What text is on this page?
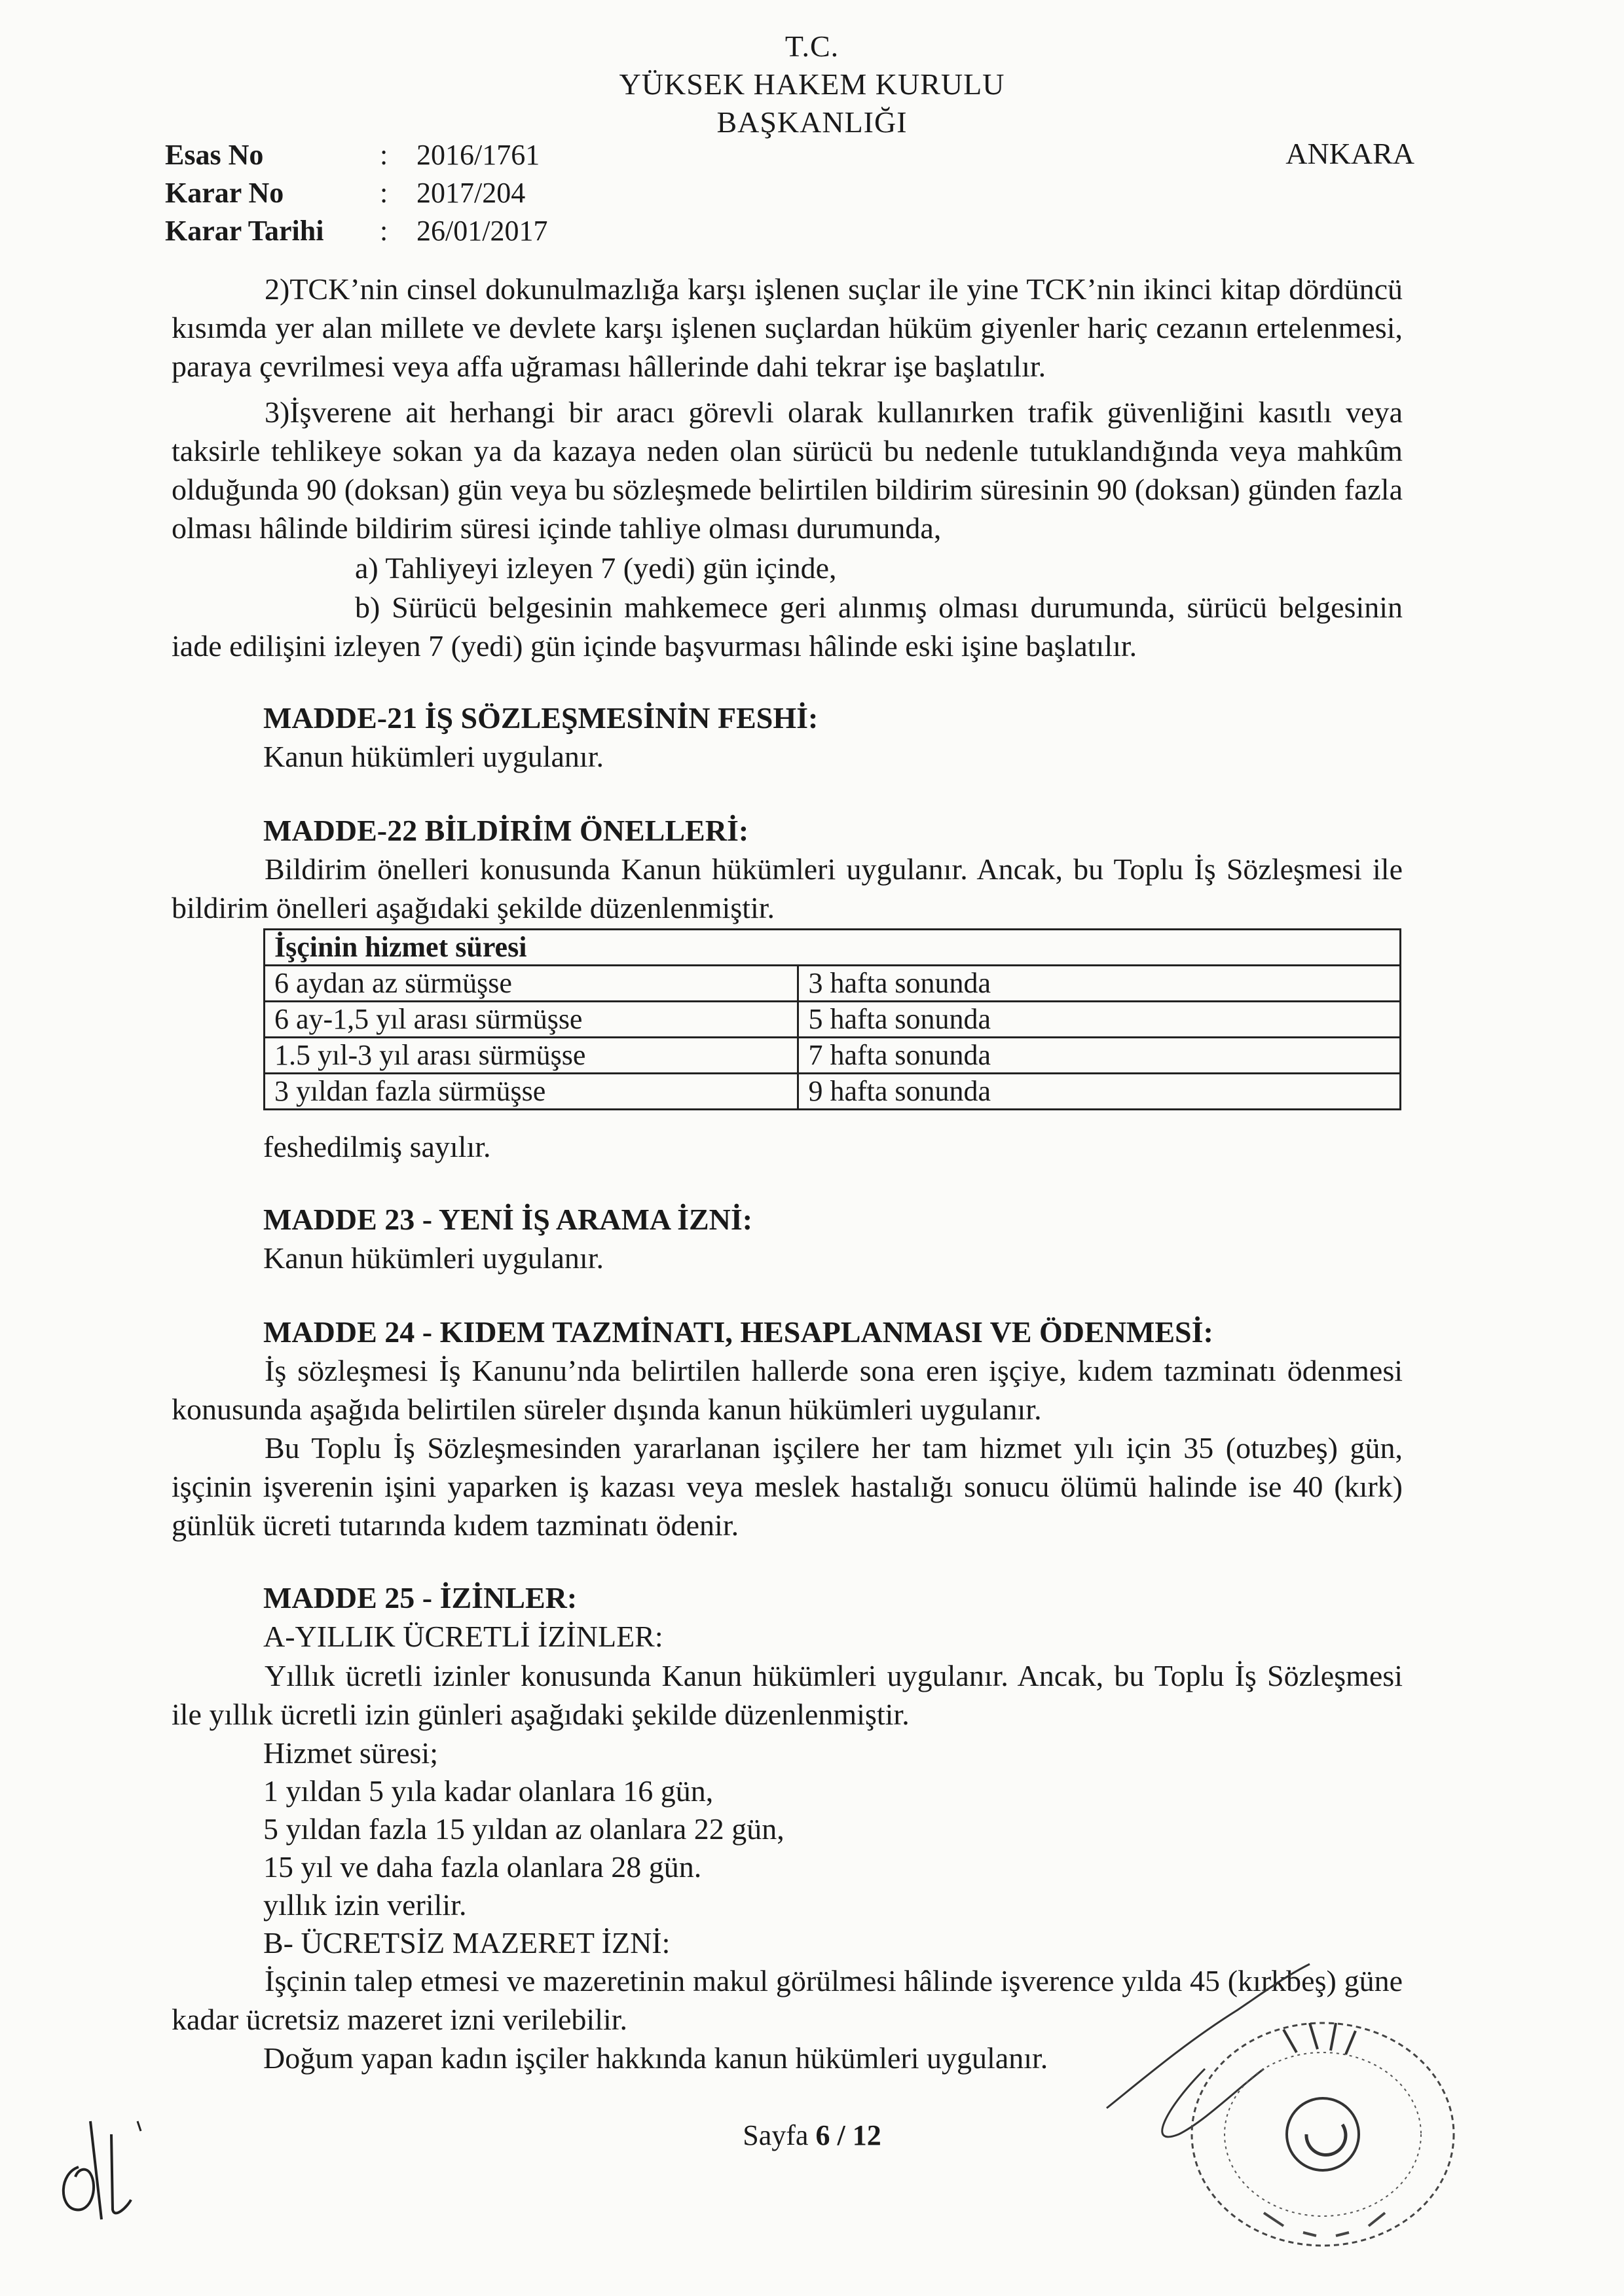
T.C.
YÜKSEK HAKEM KURULU
BAŞKANLIĞI
ANKARA
Esas No	: 2016/1761
Karar No	: 2017/204
Karar Tarihi	: 26/01/2017
2)TCK’nin cinsel dokunulmazlığa karşı işlenen suçlar ile yine TCK’nin ikinci kitap dördüncü kısımda yer alan millete ve devlete karşı işlenen suçlardan hüküm giyenler hariç cezanın ertelenmesi, paraya çevrilmesi veya affa uğraması hâllerinde dahi tekrar işe başlatılır.
3)İşverene ait herhangi bir aracı görevli olarak kullanırken trafik güvenliğini kasıtlı veya taksirle tehlikeye sokan ya da kazaya neden olan sürücü bu nedenle tutuklandığında veya mahkûm olduğunda 90 (doksan) gün veya bu sözleşmede belirtilen bildirim süresinin 90 (doksan) günden fazla olması hâlinde bildirim süresi içinde tahliye olması durumunda,
a) Tahliyeyi izleyen 7 (yedi) gün içinde,
b) Sürücü belgesinin mahkemece geri alınmış olması durumunda, sürücü belgesinin iade edilişini izleyen 7 (yedi) gün içinde başvurması hâlinde eski işine başlatılır.
MADDE-21 İŞ SÖZLEŞMESİNİN FESHİ:
Kanun hükümleri uygulanır.
MADDE-22 BİLDİRİM ÖNELLERİ:
Bildirim önelleri konusunda Kanun hükümleri uygulanır. Ancak, bu Toplu İş Sözleşmesi ile bildirim önelleri aşağıdaki şekilde düzenlenmiştir.
İşçinin hizmet süresi	
6 aydan az sürmüşse	3 hafta sonunda
6 ay-1,5 yıl arası sürmüşse	5 hafta sonunda
1.5 yıl-3 yıl arası sürmüşse	7 hafta sonunda
3 yıldan fazla sürmüşse	9 hafta sonunda
feshedilmiş sayılır.
MADDE 23 - YENİ İŞ ARAMA İZNİ:
Kanun hükümleri uygulanır.
MADDE 24 - KIDEM TAZMİNATI, HESAPLANMASI VE ÖDENMESİ:
İş sözleşmesi İş Kanunu’nda belirtilen hallerde sona eren işçiye, kıdem tazminatı ödenmesi konusunda aşağıda belirtilen süreler dışında kanun hükümleri uygulanır.
Bu Toplu İş Sözleşmesinden yararlanan işçilere her tam hizmet yılı için 35 (otuzbeş) gün, işçinin işverenin işini yaparken iş kazası veya meslek hastalığı sonucu ölümü halinde ise 40 (kırk) günlük ücreti tutarında kıdem tazminatı ödenir.
MADDE 25 - İZİNLER:
A-YILLIK ÜCRETLİ İZİNLER:
Yıllık ücretli izinler konusunda Kanun hükümleri uygulanır. Ancak, bu Toplu İş Sözleşmesi ile yıllık ücretli izin günleri aşağıdaki şekilde düzenlenmiştir.
Hizmet süresi;
1 yıldan 5 yıla kadar olanlara 16 gün,
5 yıldan fazla 15 yıldan az olanlara 22 gün,
15 yıl ve daha fazla olanlara 28 gün.
yıllık izin verilir.
B- ÜCRETSİZ MAZERET İZNİ:
İşçinin talep etmesi ve mazeretinin makul görülmesi hâlinde işverence yılda 45 (kırkbeş) güne kadar ücretsiz mazeret izni verilebilir.
Doğum yapan kadın işçiler hakkında kanun hükümleri uygulanır.
Sayfa 6 / 12
